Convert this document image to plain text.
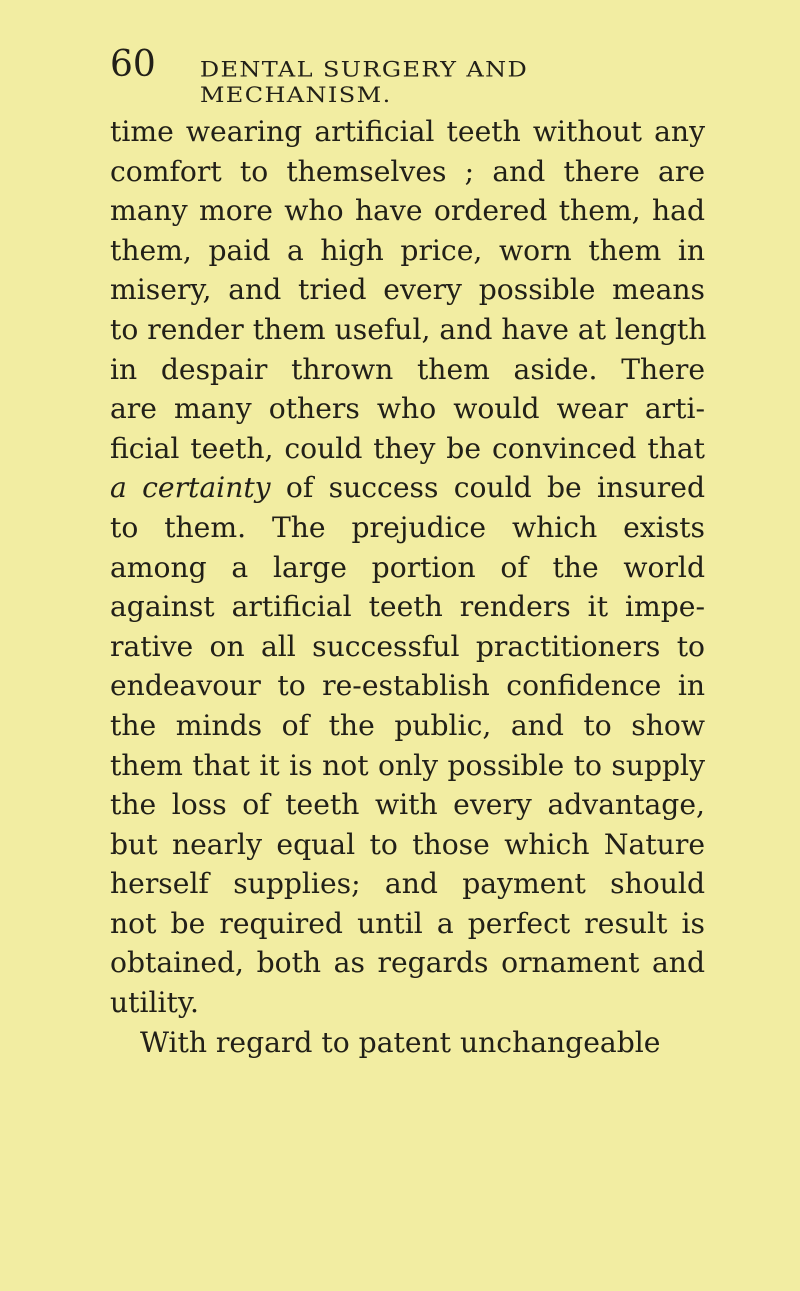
60 DENTAL SURGERY AND MECHANISM.
time wearing artificial teeth without any
comfort to themselves ; and there are
many more who have ordered them, had
them, paid a high price, worn them in
misery, and tried every possible means
to render them useful, and have at length
in despair thrown them aside. There
are many others who would wear arti-
ficial teeth, could they be convinced that
a certainty of success could be insured
to them. The prejudice which exists
among a large portion of the world
against artificial teeth renders it impe-
rative on all successful practitioners to
endeavour to re-establish confidence in
the minds of the public, and to show
them that it is not only possible to supply
the loss of teeth with every advantage,
but nearly equal to those which Nature
herself supplies; and payment should
not be required until a perfect result is
obtained, both as regards ornament and
utility.
With regard to patent unchangeable
